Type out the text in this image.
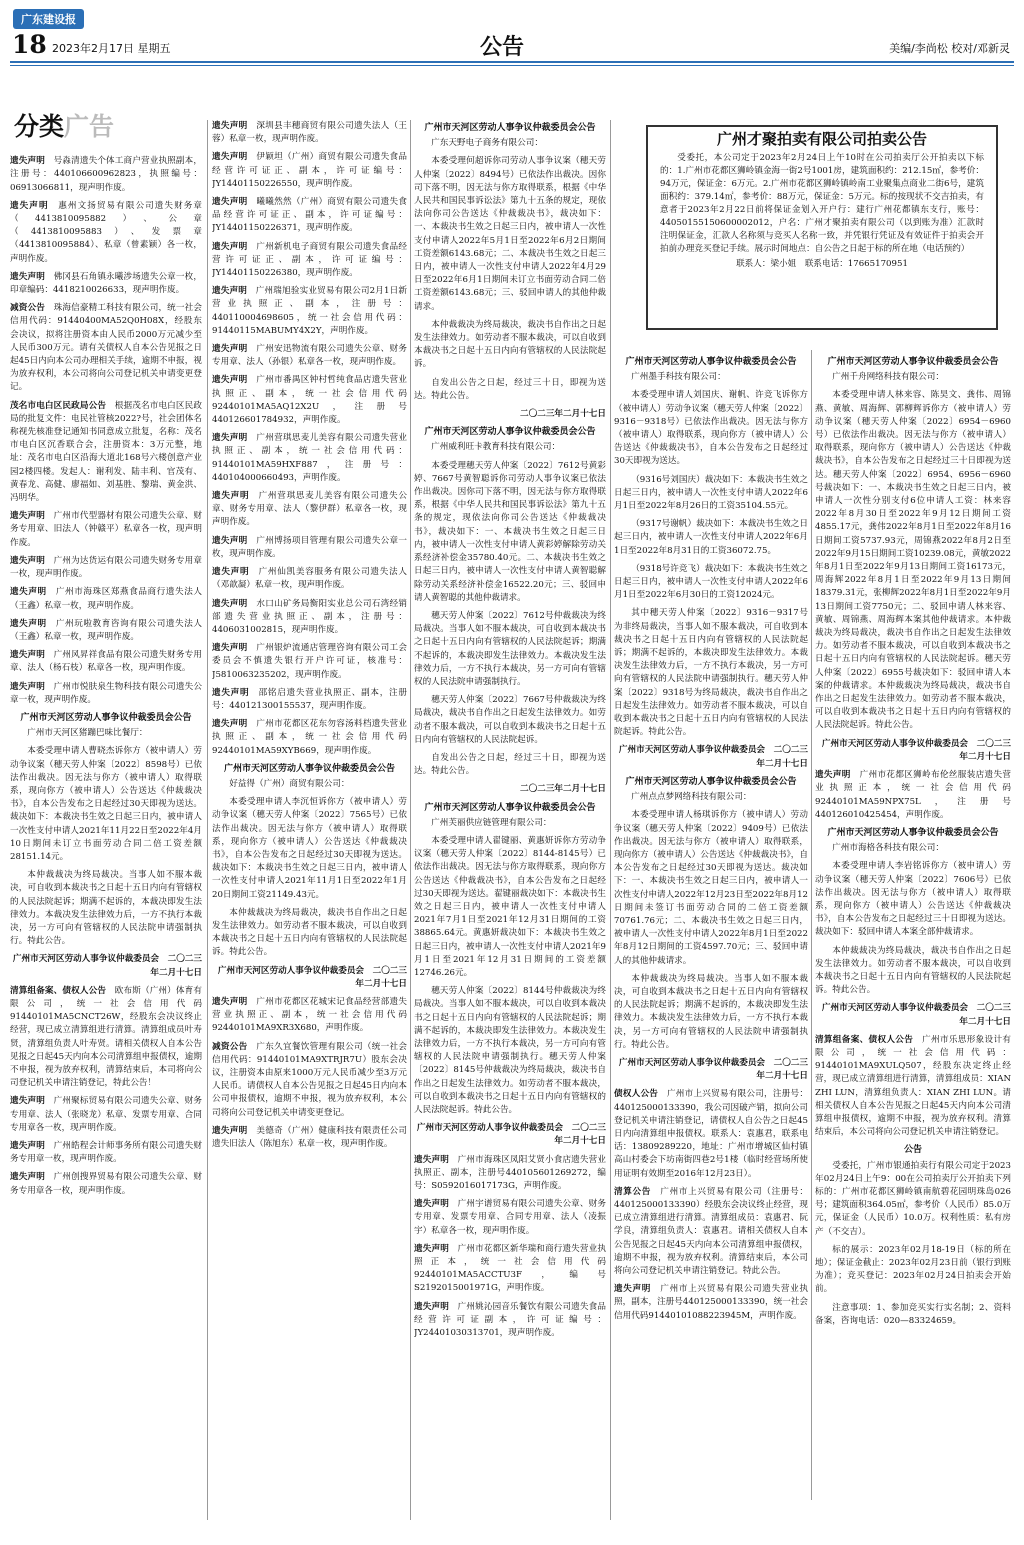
广东建设报
18 2023年2月17日 星期五	公告	美编/李尚松 校对/邓新灵
分类广告

遗失声明　 号淼清遗失个体工商户营业执照副本，注册号：440106600962823，执照编号：06913066811，现声明作废。

遗失声明　 惠州文扬贸易有限公司遗失财务章（4413810095882）、公章（4413810095883）、发票章（4413810095884）、私章（曾素颖）各一枚，声明作废。

遗失声明　 佛冈县石角镇永曦涉场遗失公章一枚，印章编码：4418210026633，现声明作废。

减资公告　 珠海信豪精工科技有限公司，统一社会信用代码：91440400MA52Q0H08X，经股东会决议，拟将注册资本由人民币2000万元减少至人民币300万元。请有关债权人自本公告见报之日起45日内向本公司办理相关手续，逾期不申报，视为放弃权利，本公司将向公司登记机关申请变更登记。

茂名市电白区民政局公告　 根据茂名市电白区民政局的批复文件：电民社管核2022?号，社会团体名称视先核准登记通知书同意成立批复，名称：茂名市电白区沉香联合会，注册资本：3万元整，地址：茂名市电白区沿海大道北168号六楼创意产业园2楼四楼。发起人：谢利发、陆丰利、官茂有、黄春龙、高健、廖福如、刘基胜、黎瑞、黄金洪、冯明华。

遗失声明　 广州市代型器材有限公司遗失公章、财务专用章、旧法人（钟赣平）私章各一枚，现声明作废。

遗失声明　 广州为达货运有限公司遗失财务专用章一枚，现声明作废。

遗失声明　 广州市海珠区郑燕食品商行遗失法人（王鑫）私章一枚，现声明作废。

遗失声明　 广州玩啦教育咨询有限公司遗失法人（王鑫）私章一枚，现声明作废。

遗失声明　 广州风昇祥食品有限公司遗失财务专用章、法人（杨石枝）私章各一枚，现声明作废。

遗失声明　 广州市悦肤泉生物科技有限公司遗失公章一枚，现声明作废。

广州市天河区劳动人事争议仲裁委员会公告

广州市天河区猪蹦巴味比餐厅：

本委受理申请人曹晓杰诉你方（被申请人）劳动争议案（穗天劳人仲案〔2022〕8598号）已依法作出裁决。因无法与你方（被申请人）取得联系，现向你方（被申请人）公告送达《仲裁裁决书》，自本公告发布之日起经过30天即视为送达。裁决如下：本裁决书生效之日起三日内，被申请人一次性支付申请人2021年11月22日至2022年4月10日期间未订立书面劳动合同二倍工资差额28151.14元。

本仲裁裁决为终局裁决。当事人如不服本裁决，可自收到本裁决书之日起十五日内向有管辖权的人民法院起诉；期满不起诉的，本裁决即发生法律效力。本裁决发生法律效力后，一方不执行本裁决，另一方可向有管辖权的人民法院申请强制执行。特此公告。

广州市天河区劳动人事争议仲裁委员会　二〇二三年二月十七日

清算组备案、债权人公告　 欧布斯（广州）体育有限公司，统一社会信用代码91440101MA5CNCT26W，经股东会决议终止经营，现已成立清算组进行清算。清算组成员叶寿贤，清算组负责人叶寿贤。请相关债权人自本公告见报之日起45天内向本公司清算组申报债权，逾期不申报，视为放弃权利，清算结束后，本司将向公司登记机关申请注销登记，特此公告！

遗失声明　 广州聚标贸易有限公司遗失公章、财务专用章、法人（张晓龙）私章、发票专用章、合同专用章各一枚，现声明作废。

遗失声明　 广州皓程会计师事务所有限公司遗失财务专用章一枚，现声明作废。

遗失声明　 广州创搜界贸易有限公司遗失公章、财务专用章各一枚，现声明作废。

遗失声明　 深圳县丰穗商贸有限公司遗失法人（王蓉）私章一枚，现声明作废。

遗失声明　 伊颖坦（广州）商贸有限公司遗失食品经营许可证正、副本，许可证编号：JY14401150226550，现声明作废。

遗失声明　 曦曦然然（广州）商贸有限公司遗失食品经营许可证正、副本，许可证编号：JY14401150226371，现声明作废。

遗失声明　 广州新机电子商贸有限公司遗失食品经营许可证正、副本，许可证编号：JY14401150226380，现声明作废。

遗失声明　 广州瑞旭验实业贸易有限公司2月1日新营业执照正、副本，注册号：440110004698605，统一社会信用代码：91440115MABUMY4X2Y，声明作废。

遗失声明　 广州安迅物流有限公司遗失公章、财务专用章、法人（孙银）私章各一枚，现声明作废。

遗失声明　 广州市番禺区钟村哲纯食品店遗失营业执照正、副本，统一社会信用代码92440101MA5AQ12X2U，注册号440126601784932，声明作废。

遗失声明　 广州营琪思麦儿美容有限公司遗失营业执照正、副本，统一社会信用代码：91440101MA59HXF887，注册号：440104000660493，声明作废。

遗失声明　 广州营琪思麦儿美容有限公司遗失公章、财务专用章、法人（黎伊群）私章各一枚，现声明作废。

遗失声明　 广州博扬项目管理有限公司遗失公章一枚，现声明作废。

遗失声明　 广州仙凯美容服务有限公司遗失法人（邓歆凝）私章一枚，现声明作废。

遗失声明　 水口山矿务局衡阳实业总公司石湾经销部遗失营业执照正、副本，注册号：4406031002815，现声明作废。

遗失声明　 广州银炉流通店管理咨询有限公司工会委员会不慎遗失银行开户许可证，核准号：J5810063235202，现声明作废。

遗失声明　 邵铭启遗失营业执照正、副本，注册号：440121300155537，现声明作废。

遗失声明　 广州市花都区花东勿容汤料档遗失营业执照正、副本，统一社会信用代码92440101MA59XYB669，现声明作废。

广州市天河区劳动人事争议仲裁委员会公告

好益得（广州）商贸有限公司：

本委受理申请人李沉恒诉你方（被申请人）劳动争议案（穗天劳人仲案〔2022〕7565号）已依法作出裁决。因无法与你方（被申请人）取得联系，现向你方（被申请人）公告送达《仲裁裁决书》，自本公告发布之日起经过30天即视为送达。裁决如下：本裁决书生效之日起三日内，被申请人一次性支付申请人2021年11月1日至2022年1月20日期间工资21149.43元。

本仲裁裁决为终局裁决，裁决书自作出之日起发生法律效力。如劳动者不服本裁决，可以自收到本裁决书之日起十五日内向有管辖权的人民法院起诉。特此公告。

广州市天河区劳动人事争议仲裁委员会　二〇二三年二月十七日

遗失声明　 广州市花都区花城宋记食品经营部遗失营业执照正、副本，统一社会信用代码92440101MA9XR3X680，声明作废。

减资公告　 广东久宜餐饮管理有限公司（统一社会信用代码：91440101MA9XTRJR7U）股东会决议，注册资本由原来1000万元人民币减少至3万元人民币。请债权人自本公告见报之日起45日内向本公司申报债权，逾期不申报，视为放弃权利，本公司将向公司登记机关申请变更登记。

遗失声明　 美德奇（广州）健康科技有限责任公司遗失旧法人（陈旭东）私章一枚，现声明作废。

广州市天河区劳动人事争议仲裁委员会公告

广东天野电子商务有限公司：

本委受理何超诉你司劳动人事争议案（穗天劳人仲案〔2022〕8494号）已依法作出裁决。因你司下落不明，因无法与你方取得联系，根据《中华人民共和国民事诉讼法》第九十五条的规定，现依法向你司公告送达《仲裁裁决书》，裁决如下：一、本裁决书生效之日起三日内，被申请人一次性支付申请人2022年5月1日至2022年6月2日期间工资差额6143.68元；二、本裁决书生效之日起三日内，被申请人一次性支付申请人2022年4月29日至2022年6月1日期间未订立书面劳动合同二倍工资差额6143.68元；三、驳回申请人的其他仲裁请求。

本仲裁裁决为终局裁决，裁决书自作出之日起发生法律效力。如劳动者不服本裁决，可以自收到本裁决书之日起十五日内向有管辖权的人民法院起诉。

自发出公告之日起，经过三十日，即视为送达。特此公告。

二〇二三年二月十七日

广州市天河区劳动人事争议仲裁委员会公告

广州威利旺卡教育科技有限公司：

本委受理穗天劳人仲案〔2022〕7612号黄彩婷、7667号黄智聪诉你司劳动人事争议案已依法作出裁决。因你司下落不明，因无法与你方取得联系，根据《中华人民共和国民事诉讼法》第九十五条的规定，现依法向你司公告送达《仲裁裁决书》，裁决如下：一、本裁决书生效之日起三日内，被申请人一次性支付申请人黄彩婷解除劳动关系经济补偿金35780.40元。二、本裁决书生效之日起三日内，被申请人一次性支付申请人黄智聪解除劳动关系经济补偿金16522.20元；三、驳回申请人黄智聪的其他仲裁请求。

穗天劳人仲案〔2022〕7612号仲裁裁决为终局裁决。当事人如不服本裁决，可自收到本裁决书之日起十五日内向有管辖权的人民法院起诉；期满不起诉的，本裁决即发生法律效力。本裁决发生法律效力后，一方不执行本裁决，另一方可向有管辖权的人民法院申请强制执行。

穗天劳人仲案〔2022〕7667号仲裁裁决为终局裁决，裁决书自作出之日起发生法律效力。如劳动者不服本裁决，可以自收到本裁决书之日起十五日内向有管辖权的人民法院起诉。

自发出公告之日起，经过三十日，即视为送达。特此公告。

二〇二三年二月十七日

广州市天河区劳动人事争议仲裁委员会公告

广州芙丽供应链管理有限公司：

本委受理申请人翟键丽、黄惠妍诉你方劳动争议案（穗天劳人仲案〔2022〕8144-8145号）已依法作出裁决。因无法与你方取得联系，现向你方公告送达《仲裁裁决书》，自本公告发布之日起经过30天即视为送达。翟键丽裁决如下：本裁决书生效之日起三日内，被申请人一次性支付申请人2021年7月1日至2021年12月31日期间的工资38865.64元。黄惠妍裁决如下：本裁决书生效之日起三日内，被申请人一次性支付申请人2021年9月1日至2021年12月31日期间的工资差额12746.26元。

穗天劳人仲案〔2022〕8144号仲裁裁决为终局裁决。当事人如不服本裁决，可以自收到本裁决书之日起十五日内向有管辖权的人民法院起诉；期满不起诉的，本裁决即发生法律效力。本裁决发生法律效力后，一方不执行本裁决，另一方可向有管辖权的人民法院申请强制执行。穗天劳人仲案〔2022〕8145号仲裁裁决为终局裁决，裁决书自作出之日起发生法律效力。如劳动者不服本裁决，可以自收到本裁决书之日起十五日内向有管辖权的人民法院起诉。特此公告。

广州市天河区劳动人事争议仲裁委员会　二〇二三年二月十七日

遗失声明　 广州市海珠区凤阳艾贤小食店遗失营业执照正、副本，注册号440105601269272，编号：S0592016017173G，声明作废。

遗失声明　 广州宇谱贸易有限公司遗失公章、财务专用章、发票专用章、合同专用章、法人（凌振宇）私章各一枚，现声明作废。

遗失声明　 广州市花都区新华瑞和商行遗失营业执照正本，统一社会信用代码92440101MA5ACCTU3F，编号S2192015001971G，声明作废。

遗失声明　 广州姚沁园音乐餐饮有限公司遗失食品经营许可证副本，许可证编号：JY24401030313701，现声明作废。

广州才聚拍卖有限公司拍卖公告

受委托，本公司定于2023年2月24日上午10时在公司拍卖厅公开拍卖以下标的：1.广州市花都区狮岭镇金海一街2号1001房，建筑面积约：212.15㎡，参考价：94万元，保证金：6万元。2.广州市花都区狮岭镇岭南工业聚集点商业二街6号，建筑面积约：379.14㎡，参考价：88万元，保证金：5万元。标的按现状不交吉拍卖，有意者于2023年2月22日前将保证金划入开户行：建行广州花都镇东支行，账号：44050155150600002012，户名：广州才聚拍卖有限公司（以到账为准）汇款时注明保证金，汇款人名称须与竞买人名称一致，并凭银行凭证及有效证件于拍卖会开拍前办理竞买登记手续。展示时间地点：自公告之日起于标的所在地（电话预约）

联系人：梁小姐　联系电话：17665170951

广州市天河区劳动人事争议仲裁委员会公告

广州墨手科技有限公司：

本委受理申请人刘国庆、谢帆、许竞飞诉你方（被申请人）劳动争议案（穗天劳人仲案〔2022〕9316－9318号）已依法作出裁决。因无法与你方（被申请人）取得联系，现向你方（被申请人）公告送达《仲裁裁决书》，自本公告发布之日起经过30天即视为送达。

（9316号刘国庆）裁决如下：本裁决书生效之日起三日内，被申请人一次性支付申请人2022年6月1日至2022年8月26日的工资35104.55元。

（9317号谢帆）裁决如下：本裁决书生效之日起三日内，被申请人一次性支付申请人2022年6月1日至2022年8月31日的工资36072.75。

（9318号许竞飞）裁决如下：本裁决书生效之日起三日内，被申请人一次性支付申请人2022年6月1日至2022年6月30日的工资12024元。

其中穗天劳人仲案〔2022〕9316－9317号为非终局裁决，当事人如不服本裁决，可自收到本裁决书之日起十五日内向有管辖权的人民法院起诉；期满不起诉的，本裁决即发生法律效力。本裁决发生法律效力后，一方不执行本裁决，另一方可向有管辖权的人民法院申请强制执行。穗天劳人仲案〔2022〕9318号为终局裁决，裁决书自作出之日起发生法律效力。如劳动者不服本裁决，可以自收到本裁决书之日起十五日内向有管辖权的人民法院起诉。特此公告。

广州市天河区劳动人事争议仲裁委员会　二〇二三年二月十七日

广州市天河区劳动人事争议仲裁委员会公告

广州点点梦网络科技有限公司：

本委受理申请人杨琪诉你方（被申请人）劳动争议案（穗天劳人仲案〔2022〕9409号）已依法作出裁决。因无法与你方（被申请人）取得联系，现向你方（被申请人）公告送达《仲裁裁决书》，自本公告发布之日起经过30天即视为送达。裁决如下：一、本裁决书生效之日起三日内，被申请人一次性支付申请人2022年12月23日至2022年8月12日期间未签订书面劳动合同的二倍工资差额70761.76元；二、本裁决书生效之日起三日内，被申请人一次性支付申请人2022年8月1日至2022年8月12日期间的工资4597.70元；三、驳回申请人的其他仲裁请求。

本仲裁裁决为终局裁决。当事人如不服本裁决，可自收到本裁决书之日起十五日内向有管辖权的人民法院起诉；期满不起诉的，本裁决即发生法律效力。本裁决发生法律效力后，一方不执行本裁决，另一方可向有管辖权的人民法院申请强制执行。特此公告。

广州市天河区劳动人事争议仲裁委员会　二〇二三年二月十七日

债权人公告　 广州市上兴贸易有限公司，注册号：440125000133390，我公司因破产销，拟向公司登记机关申请注销登记，请债权人自公告之日起45日内向清算组申报债权。联系人：袁惠君，联系电话：13809289220，地址：广州市增城区仙村镇高山村委会下坊南街四巷2号1楼（临时经营场所使用证明有效期至2016年12月23日）。

清算公告　 广州市上兴贸易有限公司（注册号：440125000133390）经股东会决议终止经营，现已成立清算组进行清算。清算组成员：袁惠君、阮学良，清算组负责人：袁惠君。请相关债权人自本公告见报之日起45天内向本公司清算组申报债权，逾期不申报，视为放弃权利。清算结束后，本公司将向公司登记机关申请注销登记。特此公告。

遗失声明　 广州市上兴贸易有限公司遗失营业执照，副本，注册号440125000133390，统一社会信用代码91440101088223945M，声明作废。

广州市天河区劳动人事争议仲裁委员会公告

广州千舟网络科技有限公司：

本委受理申请人林来容、陈昊文、龚伟、周锦燕、黄敏、周海辉、郭柳辉诉你方（被申请人）劳动争议案（穗天劳人仲案〔2022〕6954－6960号）已依法作出裁决。因无法与你方（被申请人）取得联系，现向你方（被申请人）公告送达《仲裁裁决书》，自本公告发布之日起经过三十日即视为送达。穗天劳人仲案〔2022〕6954、6956－6960号裁决如下：一、本裁决书生效之日起三日内，被申请人一次性分别支付6位申请人工资：林来容2022年8月30日至2022年9月12日期间工资4855.17元，龚伟2022年8月1日至2022年8月16日期间工资5737.93元，周锦燕2022年8月2日至2022年9月15日期间工资10239.08元，黄敏2022年8月1日至2022年9月13日期间工资16173元，周海辉2022年8月1日至2022年9月13日期间18379.31元，张柳辉2022年8月1日至2022年9月13日期间工资7750元；二、驳回申请人林来容、黄敏、周锦燕、周海辉本案其他仲裁请求。本仲裁裁决为终局裁决，裁决书自作出之日起发生法律效力。如劳动者不服本裁决，可以自收到本裁决书之日起十五日内向有管辖权的人民法院起诉。穗天劳人仲案〔2022〕6955号裁决如下：驳回申请人本案的仲裁请求。本仲裁裁决为终局裁决，裁决书自作出之日起发生法律效力。如劳动者不服本裁决，可以自收到本裁决书之日起十五日内向有管辖权的人民法院起诉。特此公告。

广州市天河区劳动人事争议仲裁委员会　二〇二三年二月十七日

遗失声明　 广州市花都区狮岭布伦丝服装店遗失营业执照正本，统一社会信用代码92440101MA59NPX75L，注册号440126010425454，声明作废。

广州市天河区劳动人事争议仲裁委员会公告

广州市海格各科技有限公司：

本委受理申请人李岩铭诉你方（被申请人）劳动争议案（穗天劳人仲案〔2022〕7606号）已依法作出裁决。因无法与你方（被申请人）取得联系，现向你方（被申请人）公告送达《仲裁裁决书》，自本公告发布之日起经过三十日即视为送达。裁决如下：驳回申请人本案全部仲裁请求。

本仲裁裁决为终局裁决，裁决书自作出之日起发生法律效力。如劳动者不服本裁决，可以自收到本裁决书之日起十五日内向有管辖权的人民法院起诉。特此公告。

广州市天河区劳动人事争议仲裁委员会　二〇二三年二月十七日

清算组备案、债权人公告　 广州市乐思形象设计有限公司，统一社会信用代码：91440101MA9XULQ507，经股东决定终止经营，现已成立清算组进行清算，清算组成员：XIAN ZHI LUN，清算组负责人：XIAN ZHI LUN。请相关债权人自本公告见报之日起45天内向本公司清算组申报债权，逾期不申报，视为放弃权利。清算结束后，本公司将向公司登记机关申请注销登记。

公告

受委托，广州市银通拍卖行有限公司定于2023年02月24日上午9：00在公司拍卖厅公开拍卖下列标的：广州市花都区狮岭镇南航碧花园明珠岛026号；建筑面积364.05㎡，参考价（人民币）85.0万元，保证金（人民币）10.0万。权利性质：私有房产（不交吉）。

标的展示：2023年02月18-19日（标的所在地）；保证金截止：2023年02月23日前（银行到账为准）；竞买登记：2023年02月24日拍卖会开始前。

注意事项：1、参加竞买实行实名制；2、资料备案，咨询电话：020—83324659。
